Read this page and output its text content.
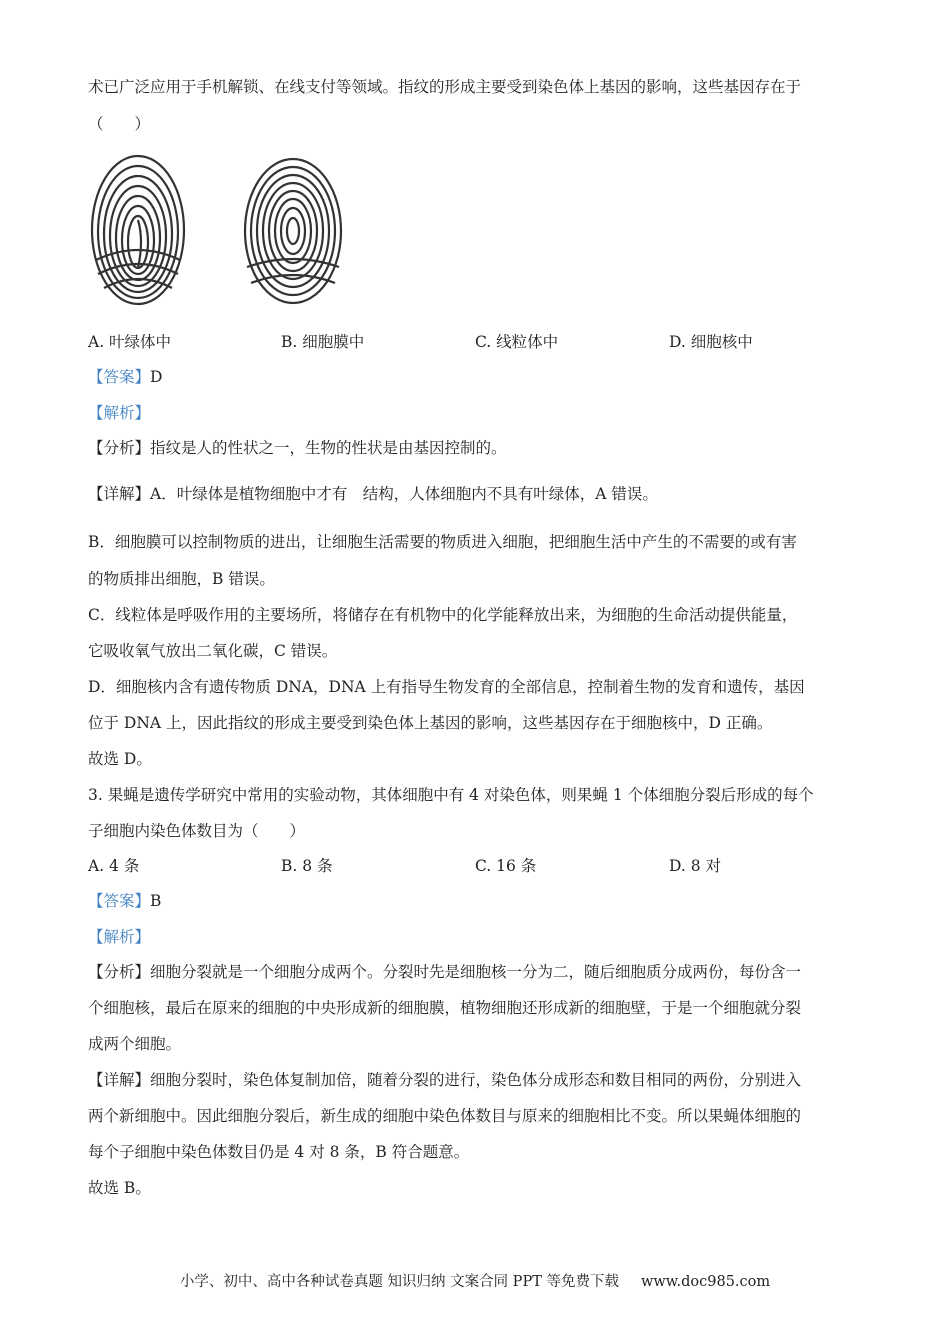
术已广泛应用于手机解锁、在线支付等领域。指纹的形成主要受到染色体上基因的影响，这些基因存在于
（　　）
A. 叶绿体中	B. 细胞膜中	C. 线粒体中	D. 细胞核中
【答案】D
【解析】
【分析】指纹是人的性状之一，生物的性状是由基因控制的。
【详解】A．叶绿体是植物细胞中才有　结构，人体细胞内不具有叶绿体，A 错误。
B．细胞膜可以控制物质的进出，让细胞生活需要的物质进入细胞，把细胞生活中产生的不需要的或有害
的物质排出细胞，B 错误。
C．线粒体是呼吸作用的主要场所，将储存在有机物中的化学能释放出来，为细胞的生命活动提供能量，
它吸收氧气放出二氧化碳，C 错误。
D．细胞核内含有遗传物质 DNA，DNA 上有指导生物发育的全部信息，控制着生物的发育和遗传，基因
位于 DNA 上，因此指纹的形成主要受到染色体上基因的影响，这些基因存在于细胞核中，D 正确。
故选 D。
3. 果蝇是遗传学研究中常用的实验动物，其体细胞中有 4 对染色体，则果蝇 1 个体细胞分裂后形成的每个
子细胞内染色体数目为（　　）
A. 4 条	B. 8 条	C. 16 条	D. 8 对
【答案】B
【解析】
【分析】细胞分裂就是一个细胞分成两个。分裂时先是细胞核一分为二，随后细胞质分成两份，每份含一
个细胞核，最后在原来的细胞的中央形成新的细胞膜，植物细胞还形成新的细胞壁，于是一个细胞就分裂
成两个细胞。
【详解】细胞分裂时，染色体复制加倍，随着分裂的进行，染色体分成形态和数目相同的两份，分别进入
两个新细胞中。因此细胞分裂后，新生成的细胞中染色体数目与原来的细胞相比不变。所以果蝇体细胞的
每个子细胞中染色体数目仍是 4 对 8 条，B 符合题意。
故选 B。
小学、初中、高中各种试卷真题 知识归纳 文案合同 PPT 等免费下载 www.doc985.com
